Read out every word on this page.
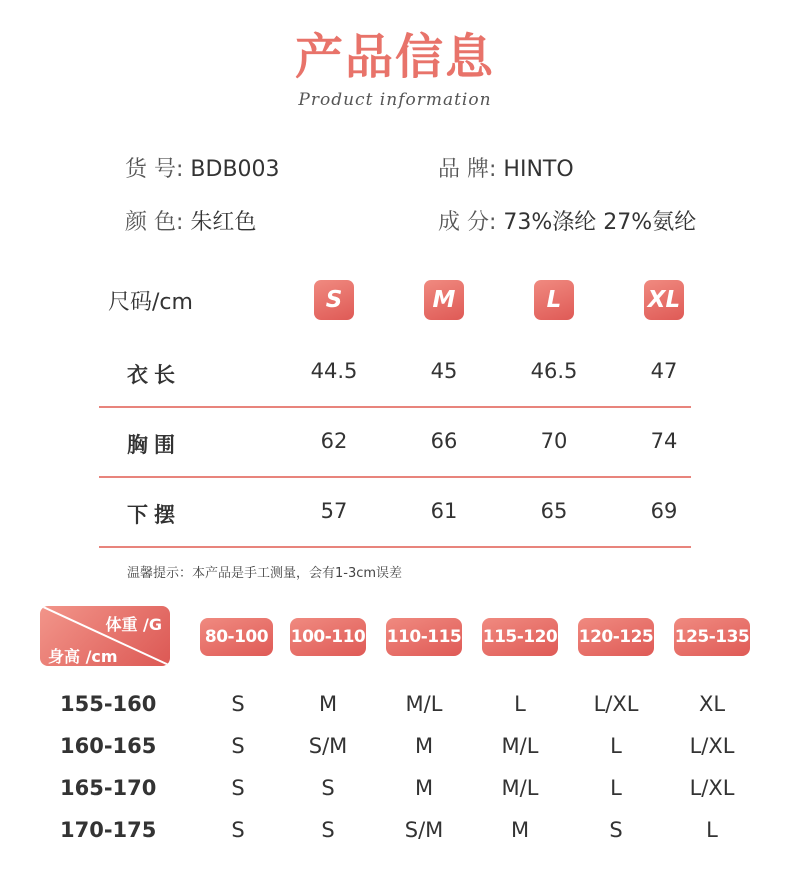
产品信息
Product information
货 号: BDB003	品 牌: HINTO
颜 色: 朱红色	成 分: 73%涤纶 27%氨纶
尺码/cm	S	M	L	XL
衣长	44.5	45	46.5	47
胸围	62	66	70	74
下摆	57	61	65	69
温馨提示：本产品是手工测量，会有1-3cm误差
体重 /G
身高 /cm
80-100 100-110 110-115 115-120 120-125 125-135
155-160	S	M	M/L	L	L/XL	XL
160-165	S	S/M	M	M/L	L	L/XL
165-170	S	S	M	M/L	L	L/XL
170-175	S	S	S/M	M	S	L
